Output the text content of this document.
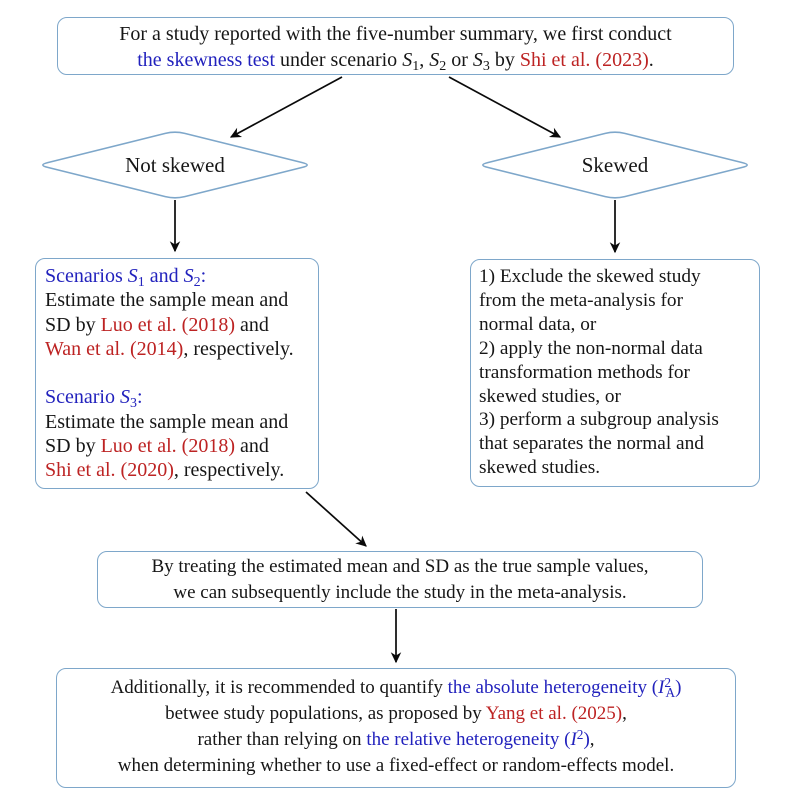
For a study reported with the five-number summary, we first conduct
the skewness test under scenario $S_1$, $S_2$ or $S_3$ by Shi et al. (2023).
Not skewed	Skewed
Scenarios $S_1$ and $S_2$:
Estimate the sample mean and
SD by Luo et al. (2018) and
Wan et al. (2014), respectively.
Scenario $S_3$:
Estimate the sample mean and
SD by Luo et al. (2018) and
Shi et al. (2020), respectively.
1) Exclude the skewed study
from the meta-analysis for
normal data, or
2) apply the non-normal data
transformation methods for
skewed studies, or
3) perform a subgroup analysis
that separates the normal and
skewed studies.
By treating the estimated mean and SD as the true sample values,
we can subsequently include the study in the meta-analysis.
Additionally, it is recommended to quantify the absolute heterogeneity $(I^2_A)$
betwee study populations, as proposed by Yang et al. (2025),
rather than relying on the relative heterogeneity $(I^2)$,
when determining whether to use a fixed-effect or random-effects model.
